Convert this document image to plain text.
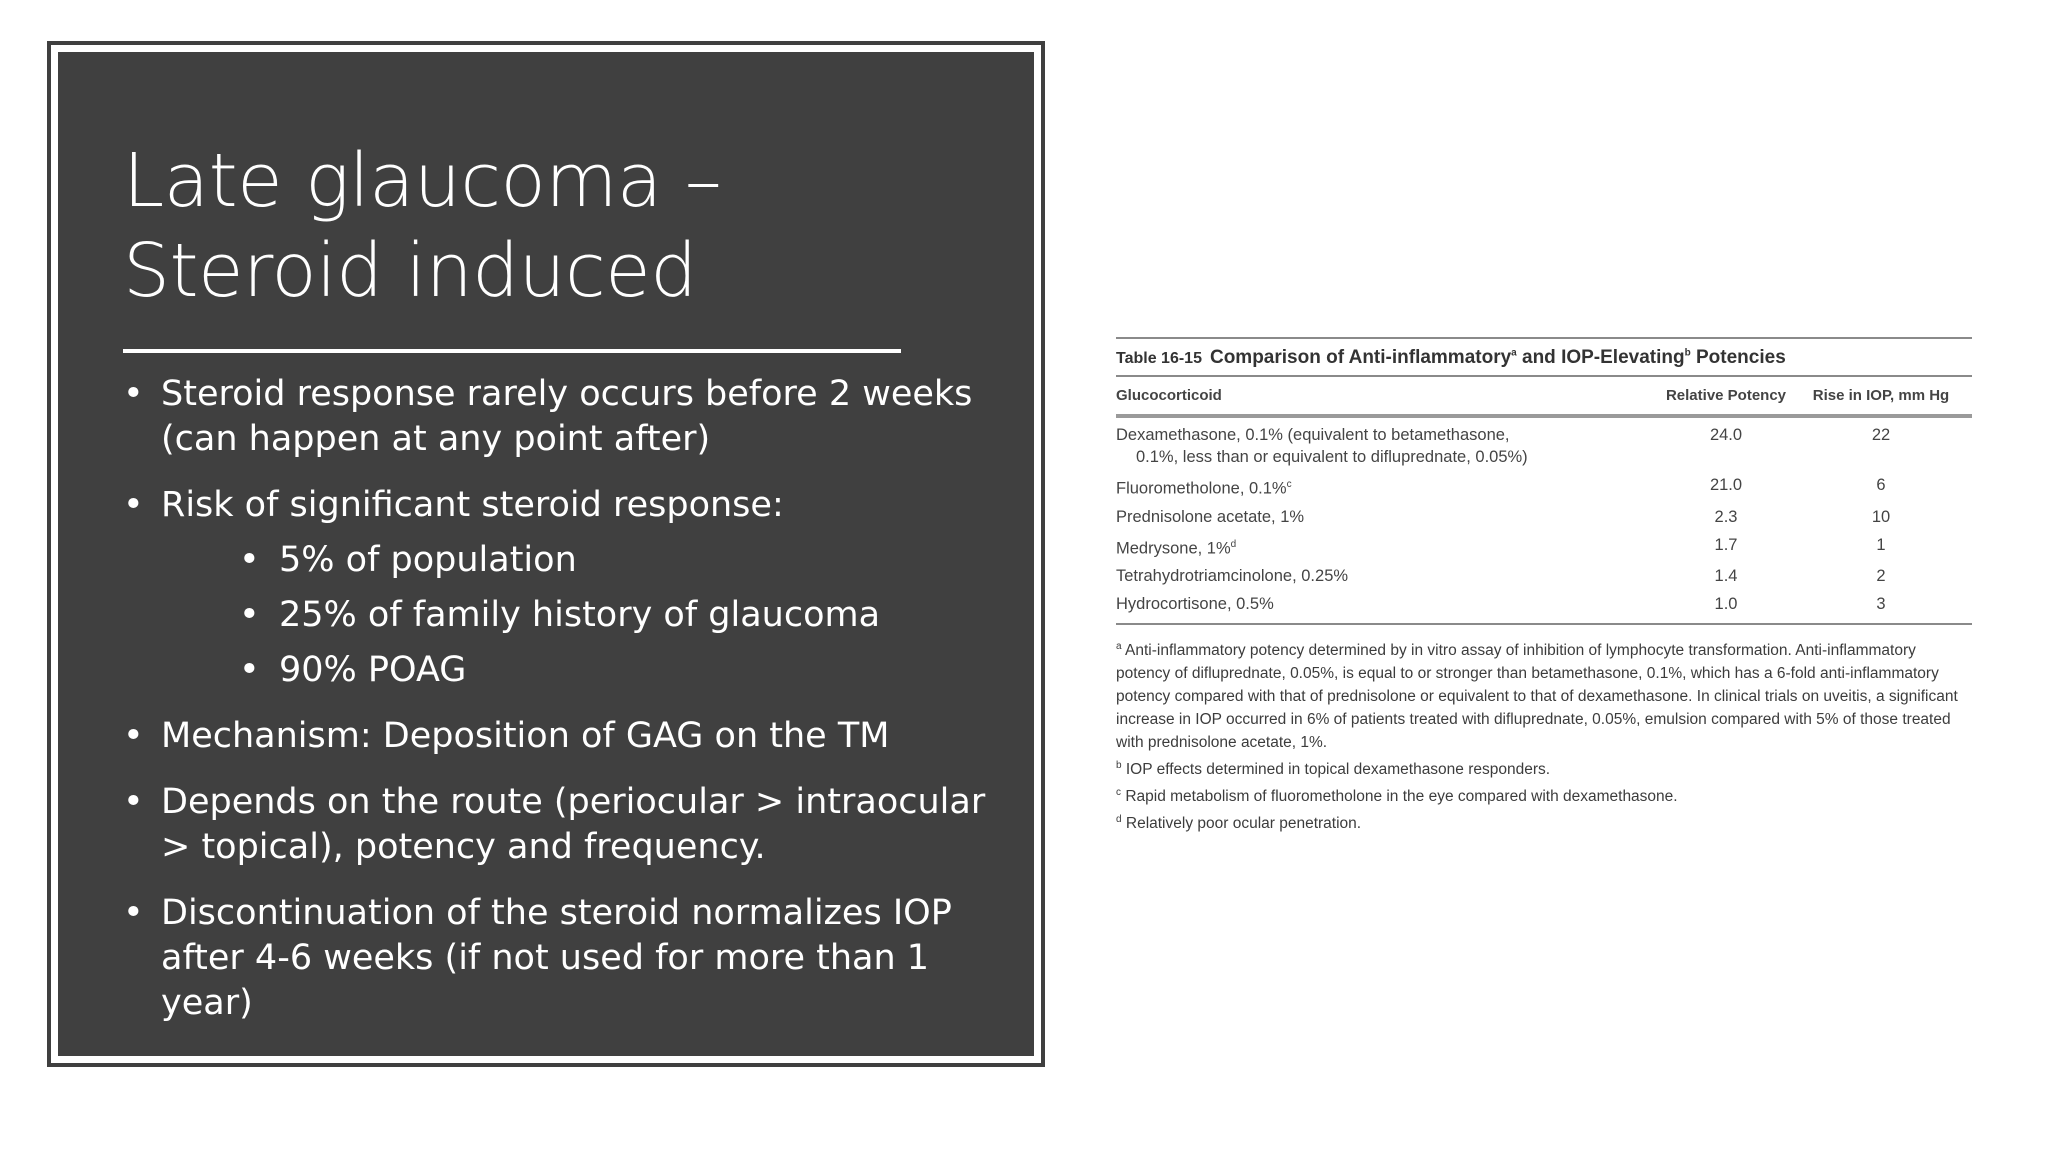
Late glaucoma – Steroid induced
• Steroid response rarely occurs before 2 weeks (can happen at any point after)
• Risk of significant steroid response:
• 5% of population
• 25% of family history of glaucoma
• 90% POAG
• Mechanism: Deposition of GAG on the TM
• Depends on the route (periocular > intraocular > topical), potency and frequency.
• Discontinuation of the steroid normalizes IOP after 4-6 weeks (if not used for more than 1 year)
Table 16-15 Comparison of Anti-inflammatory$^a$ and IOP-Elevating$^b$ Potencies
Glucocorticoid	Relative Potency	Rise in IOP, mm Hg
Dexamethasone, 0.1% (equivalent to betamethasone,
0.1%, less than or equivalent to difluprednate, 0.05%)
24.0	22
Fluorometholone, 0.1%$^c$	21.0	6
Prednisolone acetate, 1%	2.3	10
Medrysone, 1%$^d$	1.7	1
Tetrahydrotriamcinolone, 0.25%	1.4	2
Hydrocortisone, 0.5%	1.0	3

$^a$ Anti-inflammatory potency determined by in vitro assay of inhibition of lymphocyte transformation. Anti-inflammatory potency of difluprednate, 0.05%, is equal to or stronger than betamethasone, 0.1%, which has a 6-fold anti-inflammatory potency compared with that of prednisolone or equivalent to that of dexamethasone. In clinical trials on uveitis, a significant increase in IOP occurred in 6% of patients treated with difluprednate, 0.05%, emulsion compared with 5% of those treated with prednisolone acetate, 1%.

$^b$ IOP effects determined in topical dexamethasone responders.

$^c$ Rapid metabolism of fluorometholone in the eye compared with dexamethasone.

$^d$ Relatively poor ocular penetration.
